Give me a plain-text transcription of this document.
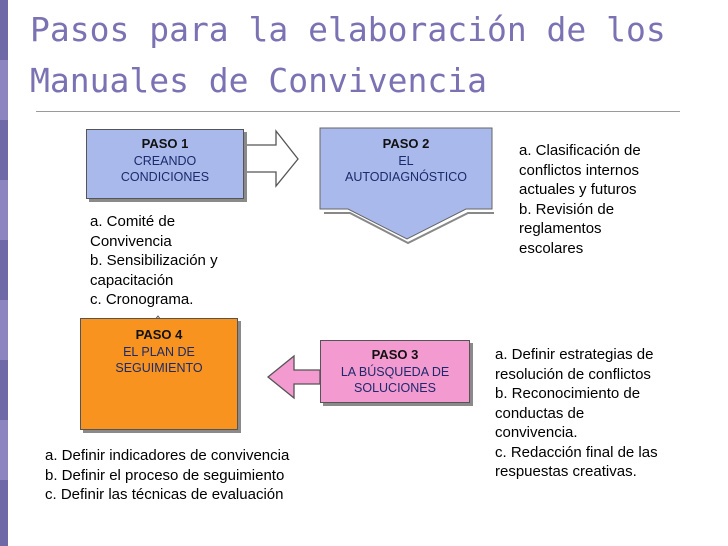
Pasos para la elaboración de los Manuales de Convivencia
PASO 1
CREANDO
CONDICIONES
PASO 2
EL
AUTODIAGNÓSTICO
PASO 3
LA BÚSQUEDA DE
SOLUCIONES
PASO 4
EL PLAN DE
SEGUIMIENTO
a. Comité de
Convivencia
b. Sensibilización y
capacitación
c. Cronograma.
a. Clasificación de
conflictos internos
actuales y futuros
b. Revisión de
reglamentos
escolares
a. Definir estrategias de
resolución de conflictos
b. Reconocimiento de
conductas de
convivencia.
c. Redacción final de las
respuestas creativas.
a. Definir indicadores de convivencia
b. Definir el proceso de seguimiento
c. Definir las técnicas de evaluación
